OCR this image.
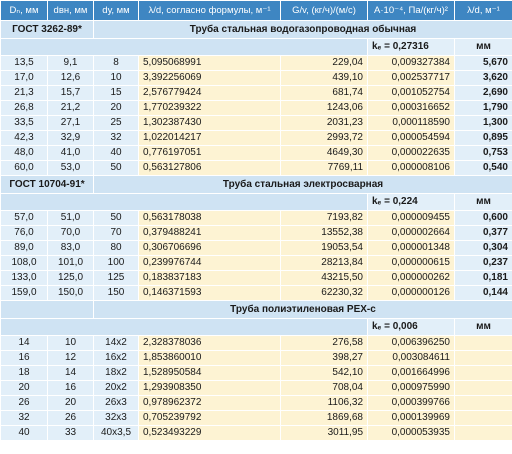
Dₙ, мм	dвн, мм	dу, мм	λ/d, согласно формулы, м⁻¹	G/v, (кг/ч)/(м/с)	A·10⁻⁴, Па/(кг/ч)²	λ/d, м⁻¹
ГОСТ 3262-89*		Труба стальная водогазопроводная обычная				
					kₑ = 0,27316	мм
13,5	9,1	8	5,095068991	229,04	0,009327384	5,670
17,0	12,6	10	3,392256069	439,10	0,002537717	3,620
21,3	15,7	15	2,576779424	681,74	0,001052754	2,690
26,8	21,2	20	1,770239322	1243,06	0,000316652	1,790
33,5	27,1	25	1,302387430	2031,23	0,000118590	1,300
42,3	32,9	32	1,022014217	2993,72	0,000054594	0,895
48,0	41,0	40	0,776197051	4649,30	0,000022635	0,753
60,0	53,0	50	0,563127806	7769,11	0,000008106	0,540
ГОСТ 10704-91*		Труба стальная электросварная				
					kₑ = 0,224	мм
57,0	51,0	50	0,563178038	7193,82	0,000009455	0,600
76,0	70,0	70	0,379488241	13552,38	0,000002664	0,377
89,0	83,0	80	0,306706696	19053,54	0,000001348	0,304
108,0	101,0	100	0,239976744	28213,84	0,000000615	0,237
133,0	125,0	125	0,183837183	43215,50	0,000000262	0,181
159,0	150,0	150	0,146371593	62230,32	0,000000126	0,144
		Труба полиэтиленовая PEX-c				
					kₑ = 0,006	мм
14	10	14x2	2,328378036	276,58	0,006396250	
16	12	16x2	1,853860010	398,27	0,003084611	
18	14	18x2	1,528950584	542,10	0,001664996	
20	16	20x2	1,293908350	708,04	0,000975990	
26	20	26x3	0,978962372	1106,32	0,000399766	
32	26	32x3	0,705239792	1869,68	0,000139969	
40	33	40x3,5	0,523493229	3011,95	0,000053935	
